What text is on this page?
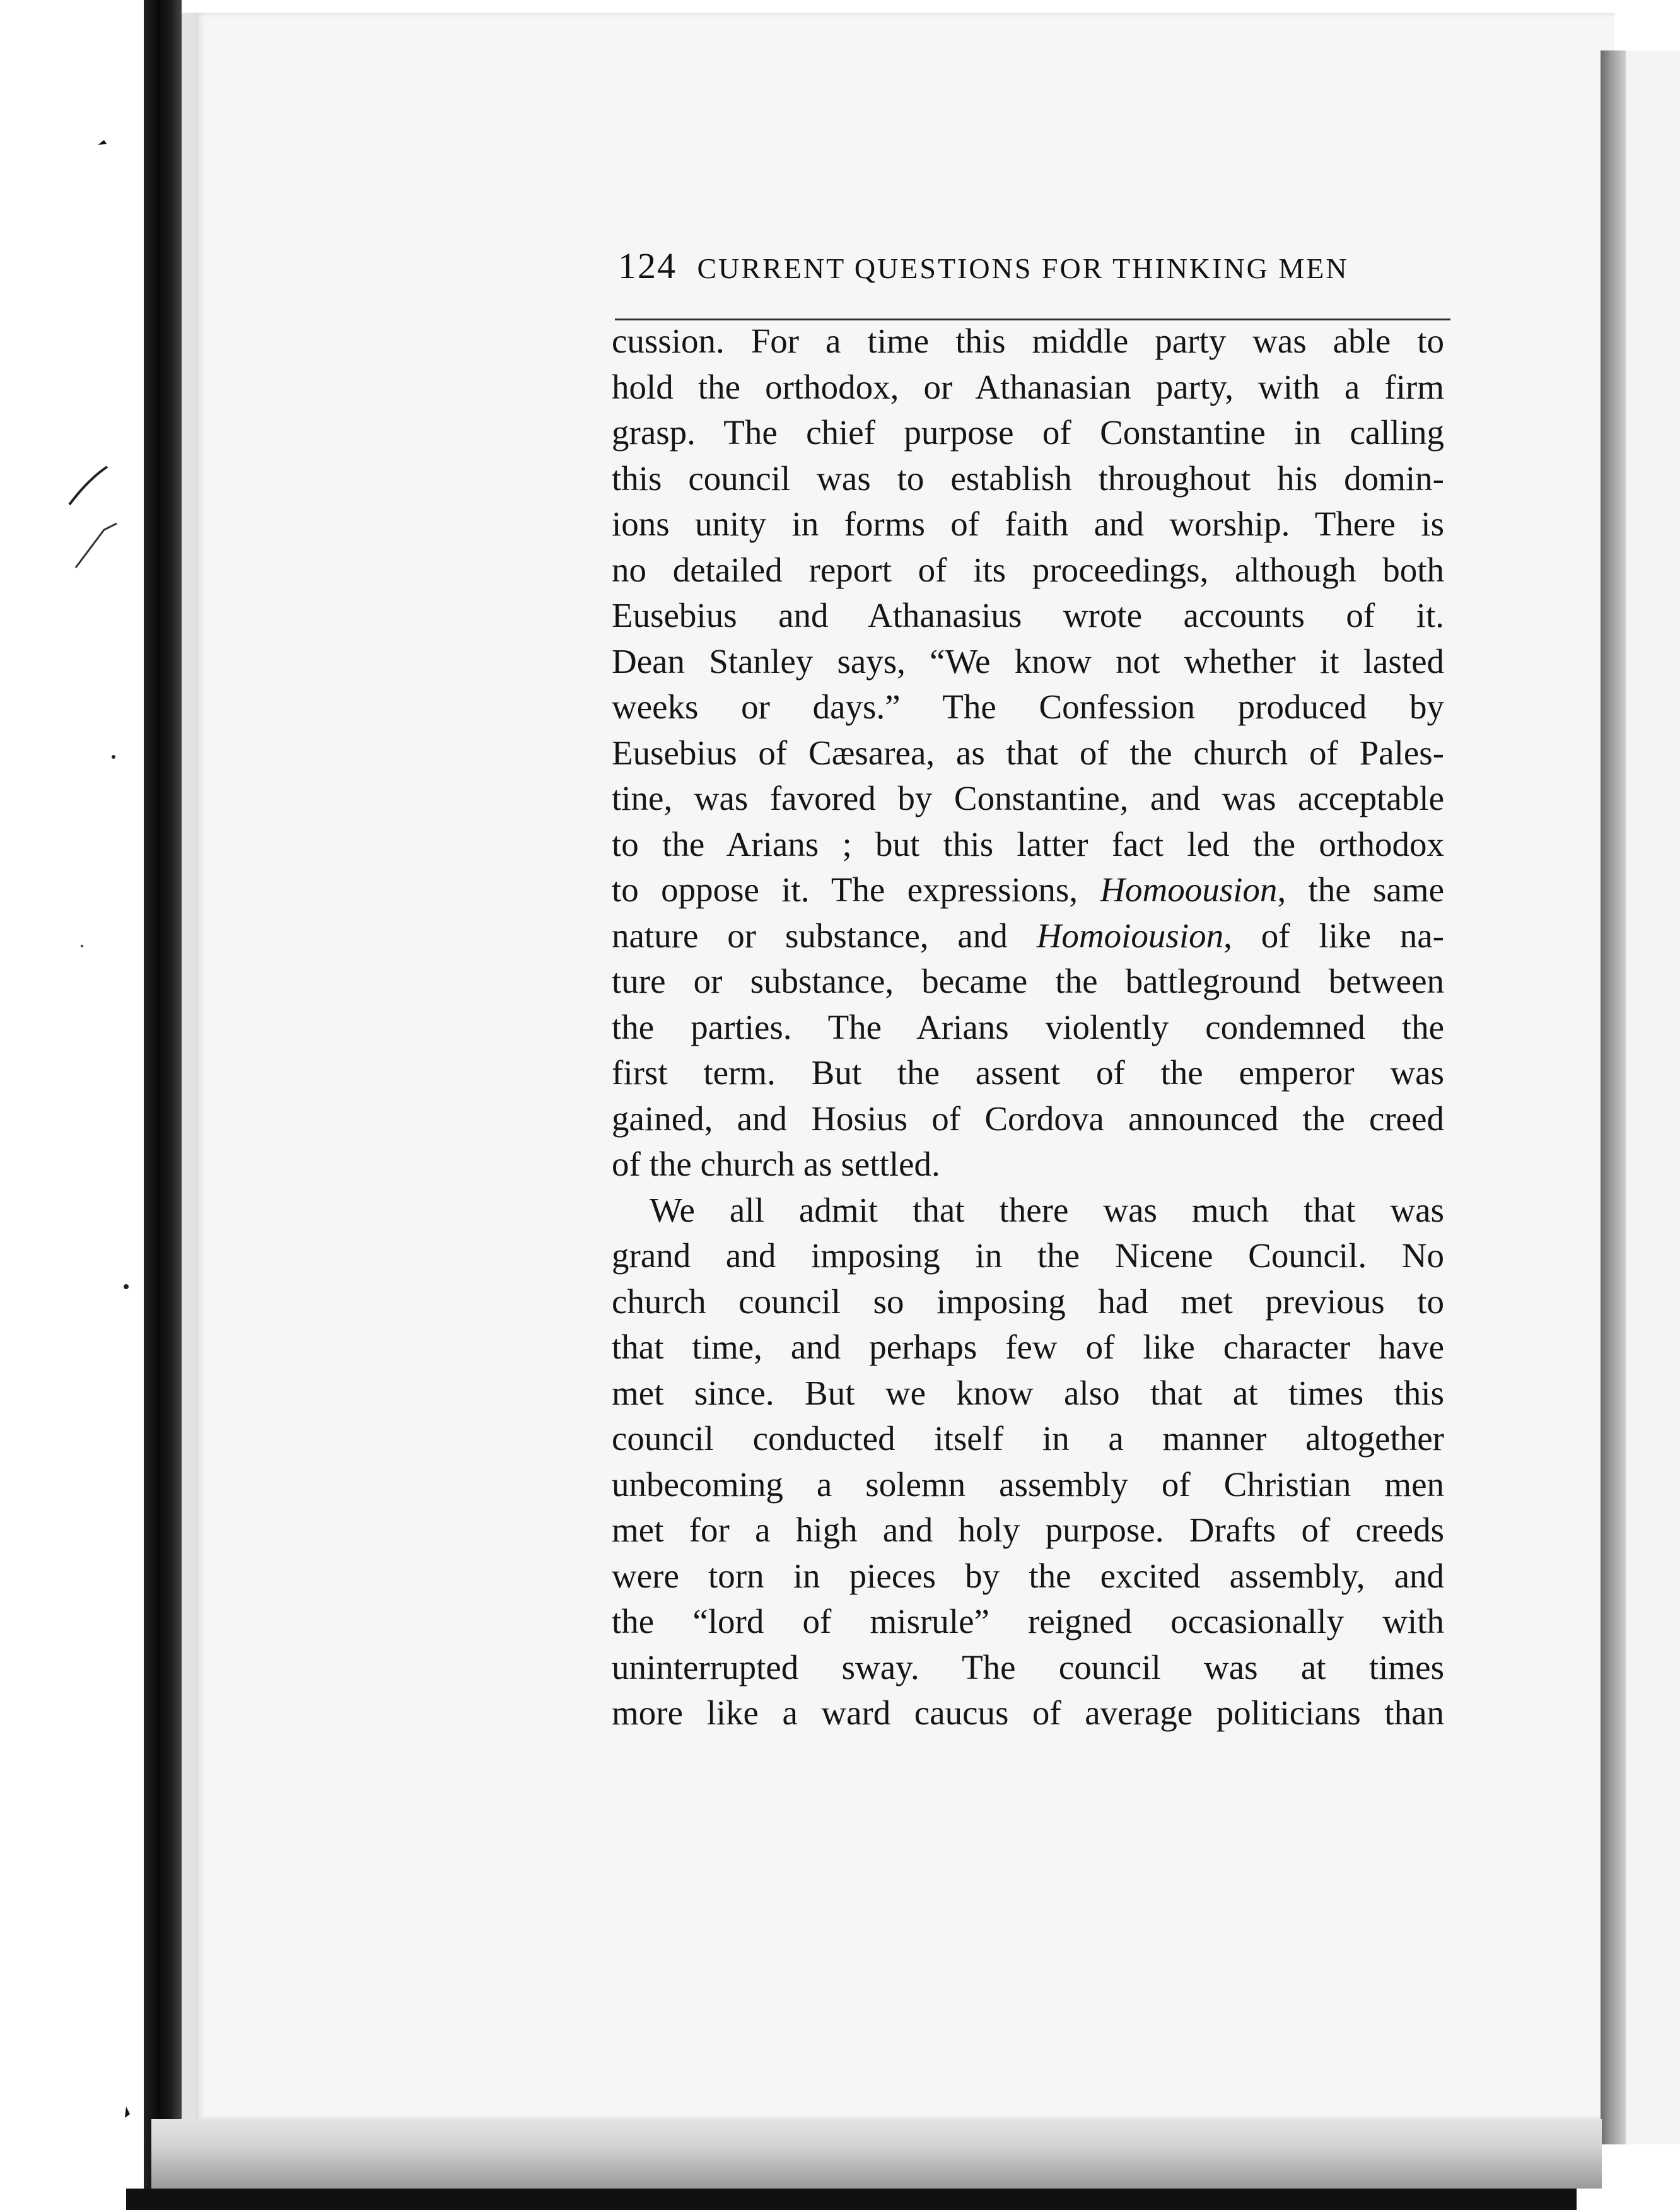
124 CURRENT QUESTIONS FOR THINKING MEN
cussion. For a time this middle party was able to
hold the orthodox, or Athanasian party, with a firm
grasp. The chief purpose of Constantine in calling
this council was to establish throughout his domin-
ions unity in forms of faith and worship. There is
no detailed report of its proceedings, although both
Eusebius and Athanasius wrote accounts of it.
Dean Stanley says, “We know not whether it lasted
weeks or days.” The Confession produced by
Eusebius of Cæsarea, as that of the church of Pales-
tine, was favored by Constantine, and was acceptable
to the Arians ; but this latter fact led the orthodox
to oppose it. The expressions, Homoousion, the same
nature or substance, and Homoiousion, of like na-
ture or substance, became the battleground between
the parties. The Arians violently condemned the
first term. But the assent of the emperor was
gained, and Hosius of Cordova announced the creed
of the church as settled.
We all admit that there was much that was
grand and imposing in the Nicene Council. No
church council so imposing had met previous to
that time, and perhaps few of like character have
met since. But we know also that at times this
council conducted itself in a manner altogether
unbecoming a solemn assembly of Christian men
met for a high and holy purpose. Drafts of creeds
were torn in pieces by the excited assembly, and
the “lord of misrule” reigned occasionally with
uninterrupted sway. The council was at times
more like a ward caucus of average politicians than
